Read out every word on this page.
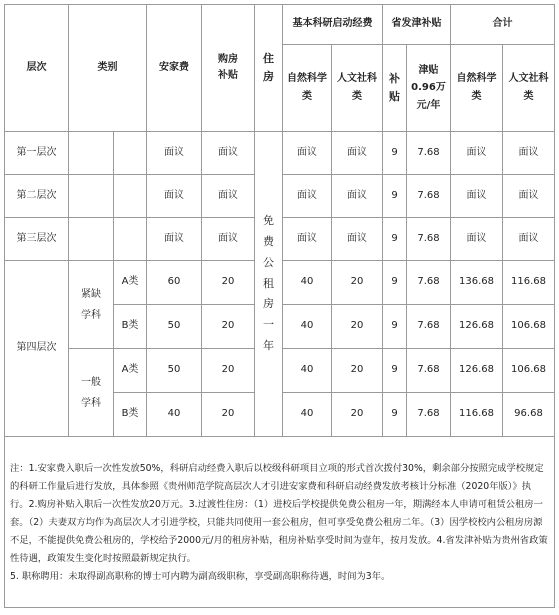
层次	类别		安家费	购房补贴	住房	基本科研启动经费		省发津补贴		合计	

						自然科学类	人文社科类	补贴	津贴 0.96万元/年	自然科学类	人文社科类

第一层次			面议	面议	免费公租房一年	面议	面议	9	7.68	面议	面议
第二层次			面议	面议		面议	面议	9	7.68	面议	面议
第三层次			面议	面议		面议	面议	9	7.68	面议	面议
第四层次	紧缺学科	A类	60	20		40	20	9	7.68	136.68	116.68
		B类	50	20		40	20	9	7.68	126.68	106.68

	一般学科	A类	50	20		40	20	9	7.68	126.68	106.68
		B类	40	20		40	20	9	7.68	116.68	96.68

注：1.安家费入职后一次性发放50%，科研启动经费入职后以校级科研项目立项的形式首次拨付30%，剩余部分按照完成学校规定的科研工作量后进行发放，具体参照《贵州师范学院高层次人才引进安家费和科研启动经费发放考核计分标准（2020年版）》执行。2.购房补贴入职后一次性发放20万元。3.过渡性住房：（1）进校后学校提供免费公租房一年，期满经本人申请可租赁公租房一套。（2）夫妻双方均作为高层次人才引进学校，只能共同使用一套公租房，但可享受免费公租房二年。（3）因学校校内公租房房源不足，不能提供免费公租房的，学校给予2000元/月的租房补贴，租房补贴享受时间为壹年，按月发放。4.省发津补贴为贵州省政策性待遇，政策发生变化时按照最新规定执行。

5. 职称聘用：未取得副高职称的博士可内聘为副高级职称，享受副高职称待遇，时间为3年。											
